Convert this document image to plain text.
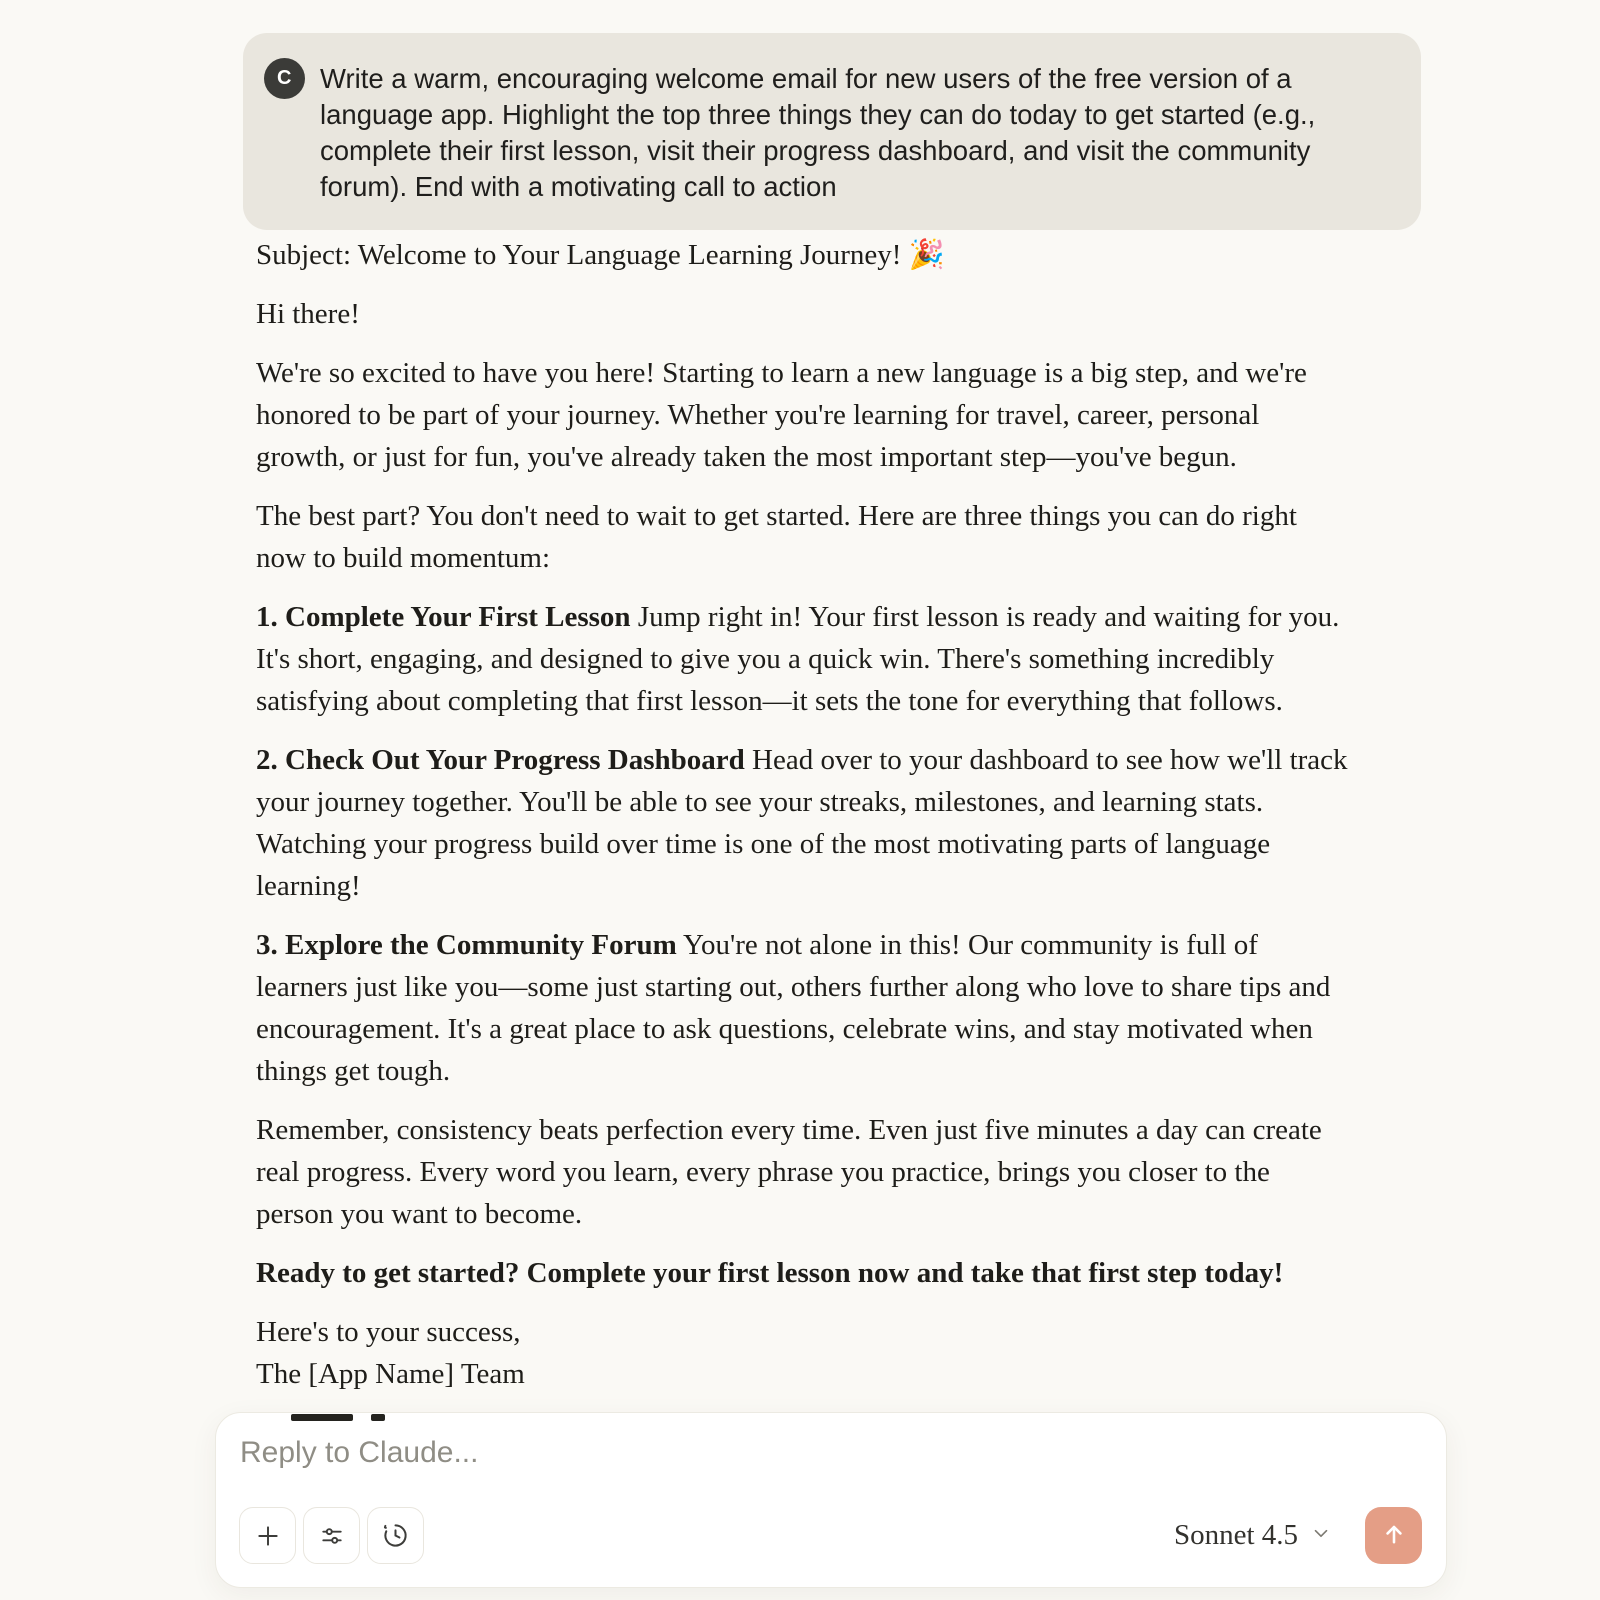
C Write a warm, encouraging welcome email for new users of the free version of a language app. Highlight the top three things they can do today to get started (e.g., complete their first lesson, visit their progress dashboard, and visit the community forum). End with a motivating call to action

Subject: Welcome to Your Language Learning Journey! 🎉

Hi there!

We're so excited to have you here! Starting to learn a new language is a big step, and we're honored to be part of your journey. Whether you're learning for travel, career, personal growth, or just for fun, you've already taken the most important step—you've begun.

The best part? You don't need to wait to get started. Here are three things you can do right now to build momentum:

1. Complete Your First Lesson Jump right in! Your first lesson is ready and waiting for you. It's short, engaging, and designed to give you a quick win. There's something incredibly satisfying about completing that first lesson—it sets the tone for everything that follows.

2. Check Out Your Progress Dashboard Head over to your dashboard to see how we'll track your journey together. You'll be able to see your streaks, milestones, and learning stats. Watching your progress build over time is one of the most motivating parts of language learning!

3. Explore the Community Forum You're not alone in this! Our community is full of learners just like you—some just starting out, others further along who love to share tips and encouragement. It's a great place to ask questions, celebrate wins, and stay motivated when things get tough.

Remember, consistency beats perfection every time. Even just five minutes a day can create real progress. Every word you learn, every phrase you practice, brings you closer to the person you want to become.

Ready to get started? Complete your first lesson now and take that first step today!

Here's to your success,
The [App Name] Team

Reply to Claude...
Sonnet 4.5
